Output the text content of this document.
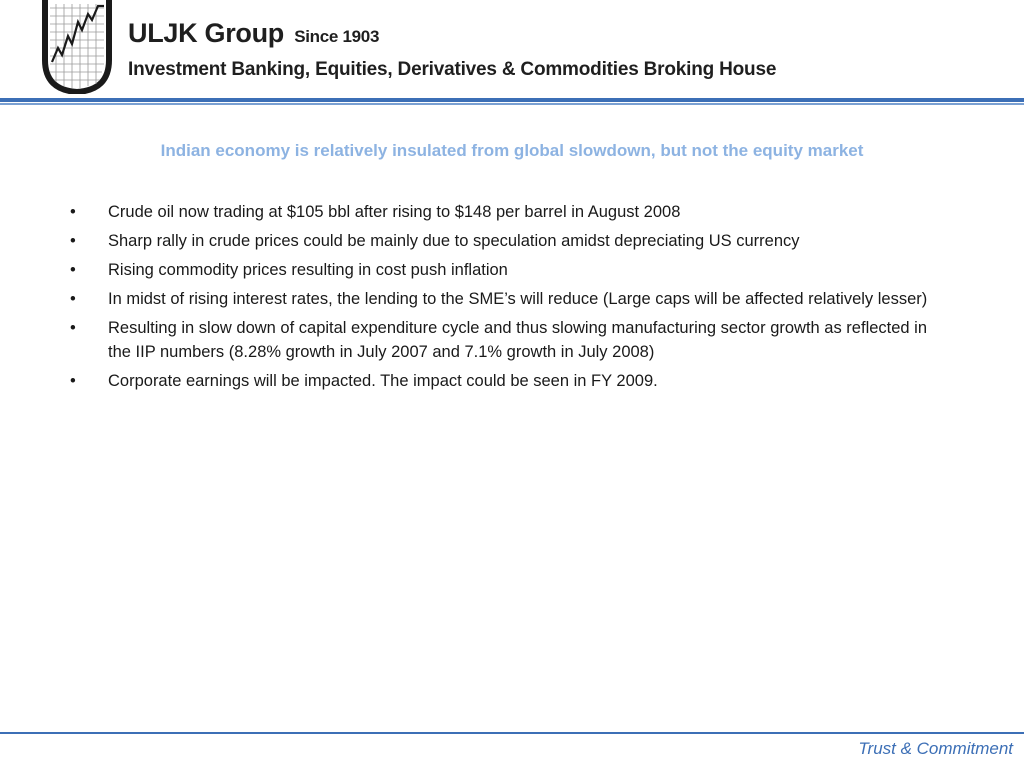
ULJK Group Since 1903
Investment Banking, Equities, Derivatives & Commodities Broking House
Indian economy is relatively insulated from global slowdown, but not the equity market
•	Crude oil now trading at $105 bbl after rising to $148 per barrel in August 2008
•	Sharp rally in crude prices could be mainly due to speculation amidst depreciating US currency
•	Rising commodity prices resulting in cost push inflation
•	In midst of rising interest rates, the lending to the SME’s will reduce (Large caps will be affected relatively lesser)
•	Resulting in slow down of capital expenditure cycle and thus slowing manufacturing sector growth as reflected in the IIP numbers (8.28% growth in July 2007 and 7.1% growth in July 2008)
•	Corporate earnings will be impacted. The impact could be seen in FY 2009.
Trust & Commitment
